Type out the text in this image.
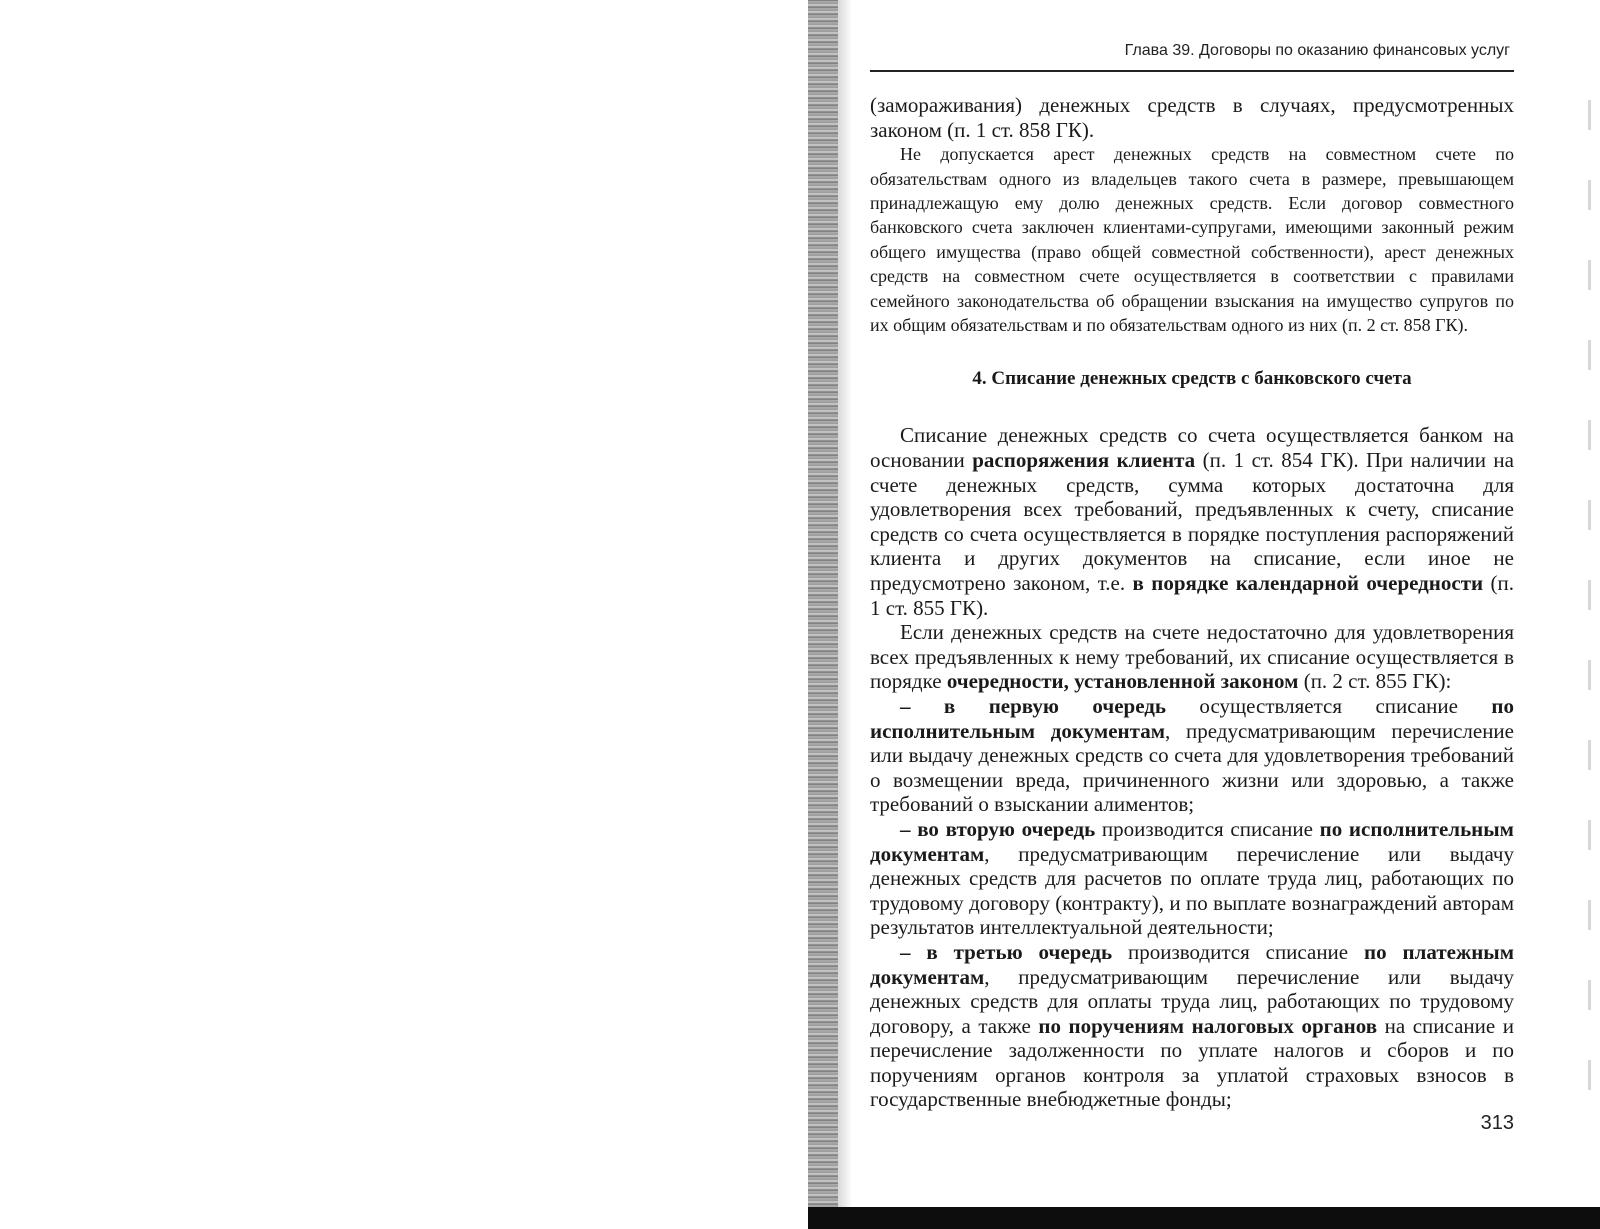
Глава 39. Договоры по оказанию финансовых услуг

(замораживания) денежных средств в случаях, предусмотренных законом (п. 1 ст. 858 ГК).

Не допускается арест денежных средств на совместном счете по обязательствам одного из владельцев такого счета в размере, превышающем принадлежащую ему долю денежных средств. Если договор совместного банковского счета заключен клиентами-супругами, имеющими законный режим общего имущества (право общей совместной собственности), арест денежных средств на совместном счете осуществляется в соответствии с правилами семейного законодательства об обращении взыскания на имущество супругов по их общим обязательствам и по обязательствам одного из них (п. 2 ст. 858 ГК).

4. Списание денежных средств с банковского счета

Списание денежных средств со счета осуществляется банком на основании распоряжения клиента (п. 1 ст. 854 ГК). При наличии на счете денежных средств, сумма которых достаточна для удовлетворения всех требований, предъявленных к счету, списание средств со счета осуществляется в порядке поступления распоряжений клиента и других документов на списание, если иное не предусмотрено законом, т.е. в порядке календарной очередности (п. 1 ст. 855 ГК).

Если денежных средств на счете недостаточно для удовлетворения всех предъявленных к нему требований, их списание осуществляется в порядке очередности, установленной законом (п. 2 ст. 855 ГК):

– в первую очередь осуществляется списание по исполнительным документам, предусматривающим перечисление или выдачу денежных средств со счета для удовлетворения требований о возмещении вреда, причиненного жизни или здоровью, а также требований о взыскании алиментов;

– во вторую очередь производится списание по исполнительным документам, предусматривающим перечисление или выдачу денежных средств для расчетов по оплате труда лиц, работающих по трудовому договору (контракту), и по выплате вознаграждений авторам результатов интеллектуальной деятельности;

– в третью очередь производится списание по платежным документам, предусматривающим перечисление или выдачу денежных средств для оплаты труда лиц, работающих по трудовому договору, а также по поручениям налоговых органов на списание и перечисление задолженности по уплате налогов и сборов и по поручениям органов контроля за уплатой страховых взносов в государственные внебюджетные фонды;

313
